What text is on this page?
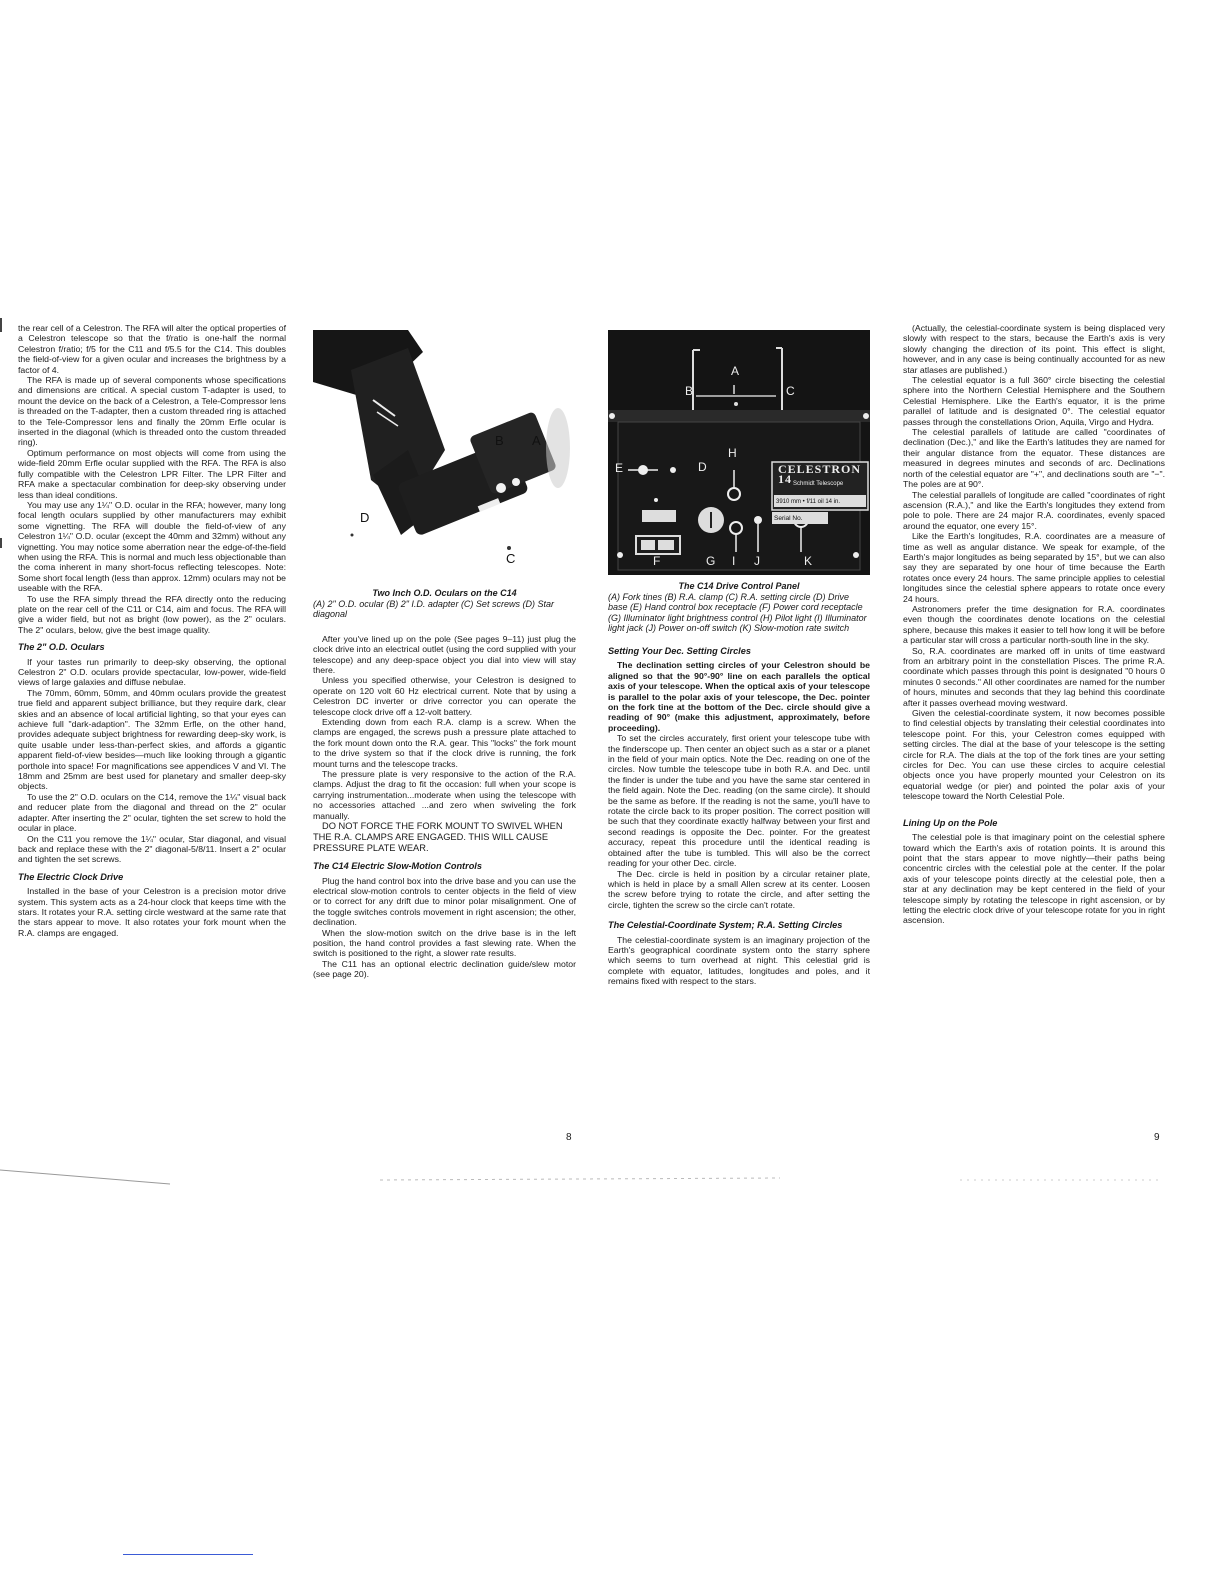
the rear cell of a Celestron. The RFA will alter the optical properties of a Celestron telescope so that the f/ratio is one-half the normal Celestron f/ratio; f/5 for the C11 and f/5.5 for the C14. This doubles the field-of-view for a given ocular and increases the brightness by a factor of 4.

The RFA is made up of several components whose specifications and dimensions are critical. A special custom T-adapter is used, to mount the device on the back of a Celestron, a Tele-Compressor lens is threaded on the T-adapter, then a custom threaded ring is attached to the Tele-Compressor lens and finally the 20mm Erfle ocular is inserted in the diagonal (which is threaded onto the custom threaded ring).

Optimum performance on most objects will come from using the wide-field 20mm Erfle ocular supplied with the RFA. The RFA is also fully compatible with the Celestron LPR Filter. The LPR Filter and RFA make a spectacular combination for deep-sky observing under less than ideal conditions.

You may use any 1¼" O.D. ocular in the RFA; however, many long focal length oculars supplied by other manufacturers may exhibit some vignetting. The RFA will double the field-of-view of any Celestron 1¼" O.D. ocular (except the 40mm and 32mm) without any vignetting. You may notice some aberration near the edge-of-the-field when using the RFA. This is normal and much less objectionable than the coma inherent in many short-focus reflecting telescopes. Note: Some short focal length (less than approx. 12mm) oculars may not be useable with the RFA.

To use the RFA simply thread the RFA directly onto the reducing plate on the rear cell of the C11 or C14, aim and focus. The RFA will give a wider field, but not as bright (low power), as the 2" oculars. The 2" oculars, below, give the best image quality.

The 2" O.D. Oculars

If your tastes run primarily to deep-sky observing, the optional Celestron 2" O.D. oculars provide spectacular, low-power, wide-field views of large galaxies and diffuse nebulae.

The 70mm, 60mm, 50mm, and 40mm oculars provide the greatest true field and apparent subject brilliance, but they require dark, clear skies and an absence of local artificial lighting, so that your eyes can achieve full "dark-adaption". The 32mm Erfle, on the other hand, provides adequate subject brightness for rewarding deep-sky work, is quite usable under less-than-perfect skies, and affords a gigantic apparent field-of-view besides—much like looking through a gigantic porthole into space! For magnifications see appendices V and VI. The 18mm and 25mm are best used for planetary and smaller deep-sky objects.

To use the 2" O.D. oculars on the C14, remove the 1¼" visual back and reducer plate from the diagonal and thread on the 2" ocular adapter. After inserting the 2" ocular, tighten the set screw to hold the ocular in place.

On the C11 you remove the 1¼" ocular, Star diagonal, and visual back and replace these with the 2" diagonal-5/8/11. Insert a 2" ocular and tighten the set screws.

The Electric Clock Drive

Installed in the base of your Celestron is a precision motor drive system. This system acts as a 24-hour clock that keeps time with the stars. It rotates your R.A. setting circle westward at the same rate that the stars appear to move. It also rotates your fork mount when the R.A. clamps are engaged.

B A
D
C
Two Inch O.D. Oculars on the C14
(A) 2" O.D. ocular (B) 2" I.D. adapter (C) Set screws (D) Star diagonal

After you've lined up on the pole (See pages 9–11) just plug the clock drive into an electrical outlet (using the cord supplied with your telescope) and any deep-space object you dial into view will stay there.

Unless you specified otherwise, your Celestron is designed to operate on 120 volt 60 Hz electrical current. Note that by using a Celestron DC inverter or drive corrector you can operate the telescope clock drive off a 12-volt battery.

Extending down from each R.A. clamp is a screw. When the clamps are engaged, the screws push a pressure plate attached to the fork mount down onto the R.A. gear. This "locks" the fork mount to the drive system so that if the clock drive is running, the fork mount turns and the telescope tracks.

The pressure plate is very responsive to the action of the R.A. clamps. Adjust the drag to fit the occasion: full when your scope is carrying instrumentation...moderate when using the telescope with no accessories attached ...and zero when swiveling the fork manually.

DO NOT FORCE THE FORK MOUNT TO SWIVEL WHEN THE R.A. CLAMPS ARE ENGAGED. THIS WILL CAUSE PRESSURE PLATE WEAR.

The C14 Electric Slow-Motion Controls

Plug the hand control box into the drive base and you can use the electrical slow-motion controls to center objects in the field of view or to correct for any drift due to minor polar misalignment. One of the toggle switches controls movement in right ascension; the other, declination.

When the slow-motion switch on the drive base is in the left position, the hand control provides a fast slewing rate. When the switch is positioned to the right, a slower rate results.

The C11 has an optional electric declination guide/slew motor (see page 20).

8
A
B	C
H
E	D
F	G I J	K
CELESTRON 14 Schmidt Telescope
3910 mm • f/11 oil 14 in.
Serial No.
The C14 Drive Control Panel
(A) Fork tines (B) R.A. clamp (C) R.A. setting circle (D) Drive base (E) Hand control box receptacle (F) Power cord receptacle (G) Illuminator light brightness control (H) Pilot light (I) Illuminator light jack (J) Power on-off switch (K) Slow-motion rate switch
Setting Your Dec. Setting Circles

The declination setting circles of your Celestron should be aligned so that the 90°-90° line on each parallels the optical axis of your telescope. When the optical axis of your telescope is parallel to the polar axis of your telescope, the Dec. pointer on the fork tine at the bottom of the Dec. circle should give a reading of 90° (make this adjustment, approximately, before proceeding).

To set the circles accurately, first orient your telescope tube with the finderscope up. Then center an object such as a star or a planet in the field of your main optics. Note the Dec. reading on one of the circles. Now tumble the telescope tube in both R.A. and Dec. until the finder is under the tube and you have the same star centered in the field again. Note the Dec. reading (on the same circle). It should be the same as before. If the reading is not the same, you'll have to rotate the circle back to its proper position. The correct position will be such that they coordinate exactly halfway between your first and second readings is opposite the Dec. pointer. For the greatest accuracy, repeat this procedure until the identical reading is obtained after the tube is tumbled. This will also be the correct reading for your other Dec. circle.

The Dec. circle is held in position by a circular retainer plate, which is held in place by a small Allen screw at its center. Loosen the screw before trying to rotate the circle, and after setting the circle, tighten the screw so the circle can't rotate.

The Celestial-Coordinate System; R.A. Setting Circles

The celestial-coordinate system is an imaginary projection of the Earth's geographical coordinate system onto the starry sphere which seems to turn overhead at night. This celestial grid is complete with equator, latitudes, longitudes and poles, and it remains fixed with respect to the stars.

(Actually, the celestial-coordinate system is being displaced very slowly with respect to the stars, because the Earth's axis is very slowly changing the direction of its point. This effect is slight, however, and in any case is being continually accounted for as new star atlases are published.)

The celestial equator is a full 360° circle bisecting the celestial sphere into the Northern Celestial Hemisphere and the Southern Celestial Hemisphere. Like the Earth's equator, it is the prime parallel of latitude and is designated 0°. The celestial equator passes through the constellations Orion, Aquila, Virgo and Hydra.

The celestial parallels of latitude are called "coordinates of declination (Dec.)," and like the Earth's latitudes they are named for their angular distance from the equator. These distances are measured in degrees minutes and seconds of arc. Declinations north of the celestial equator are "+", and declinations south are "−". The poles are at 90°.

The celestial parallels of longitude are called "coordinates of right ascension (R.A.)," and like the Earth's longitudes they extend from pole to pole. There are 24 major R.A. coordinates, evenly spaced around the equator, one every 15°.

Like the Earth's longitudes, R.A. coordinates are a measure of time as well as angular distance. We speak for example, of the Earth's major longitudes as being separated by 15°, but we can also say they are separated by one hour of time because the Earth rotates once every 24 hours. The same principle applies to celestial longitudes since the celestial sphere appears to rotate once every 24 hours.

Astronomers prefer the time designation for R.A. coordinates even though the coordinates denote locations on the celestial sphere, because this makes it easier to tell how long it will be before a particular star will cross a particular north-south line in the sky.

So, R.A. coordinates are marked off in units of time eastward from an arbitrary point in the constellation Pisces. The prime R.A. coordinate which passes through this point is designated "0 hours 0 minutes 0 seconds." All other coordinates are named for the number of hours, minutes and seconds that they lag behind this coordinate after it passes overhead moving westward.

Given the celestial-coordinate system, it now becomes possible to find celestial objects by translating their celestial coordinates into telescope point. For this, your Celestron comes equipped with setting circles. The dial at the base of your telescope is the setting circle for R.A. The dials at the top of the fork tines are your setting circles for Dec. You can use these circles to acquire celestial objects once you have properly mounted your Celestron on its equatorial wedge (or pier) and pointed the polar axis of your telescope toward the North Celestial Pole.

Lining Up on the Pole

The celestial pole is that imaginary point on the celestial sphere toward which the Earth's axis of rotation points. It is around this point that the stars appear to move nightly—their paths being concentric circles with the celestial pole at the center. If the polar axis of your telescope points directly at the celestial pole, then a star at any declination may be kept centered in the field of your telescope simply by rotating the telescope in right ascension, or by letting the electric clock drive of your telescope rotate for you in right ascension.

9
